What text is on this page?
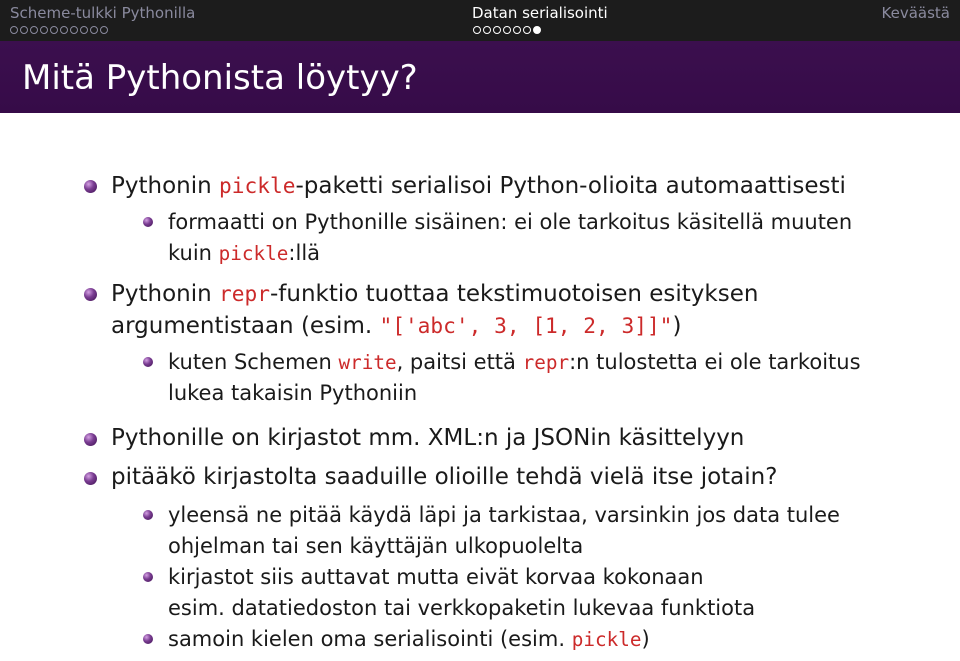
Scheme-tulkki Pythonilla	Datan serialisointi	Keväästä
Mitä Pythonista löytyy?
Pythonin pickle-paketti serialisoi Python-olioita automaattisesti
formaatti on Pythonille sisäinen: ei ole tarkoitus käsitellä muuten
kuin pickle:llä
Pythonin repr-funktio tuottaa tekstimuotoisen esityksen
argumentistaan (esim. "['abc', 3, [1, 2, 3]]")
kuten Schemen write, paitsi että repr:n tulostetta ei ole tarkoitus
lukea takaisin Pythoniin
Pythonille on kirjastot mm. XML:n ja JSONin käsittelyyn
pitääkö kirjastolta saaduille olioille tehdä vielä itse jotain?
yleensä ne pitää käydä läpi ja tarkistaa, varsinkin jos data tulee
ohjelman tai sen käyttäjän ulkopuolelta
kirjastot siis auttavat mutta eivät korvaa kokonaan
esim. datatiedoston tai verkkopaketin lukevaa funktiota
samoin kielen oma serialisointi (esim. pickle)
